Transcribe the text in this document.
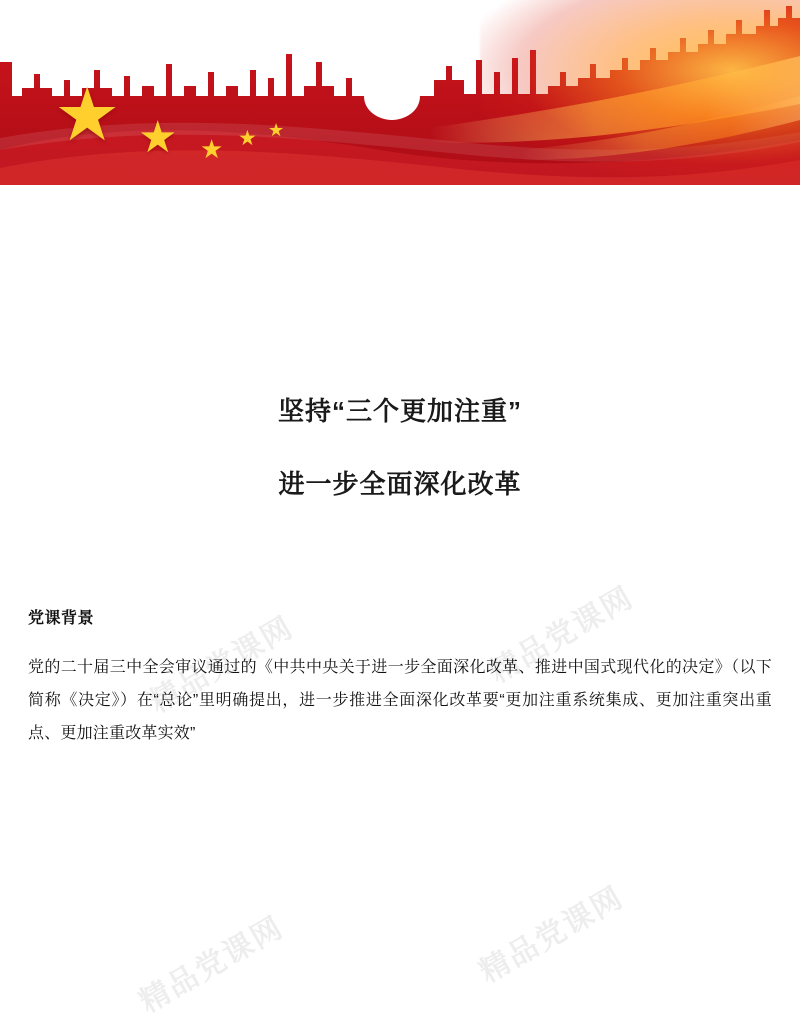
★ ★ ★ ★ ★
坚持“三个更加注重”
进一步全面深化改革
党课背景
党的二十届三中全会审议通过的《中共中央关于进一步全面深化改革、推进中国式现代化的决定》（以下简称《决定》）在“总论”里明确提出，进一步推进全面深化改革要“更加注重系统集成、更加注重突出重点、更加注重改革实效”
精品党课网	精品党课网
精品党课网	精品党课网
